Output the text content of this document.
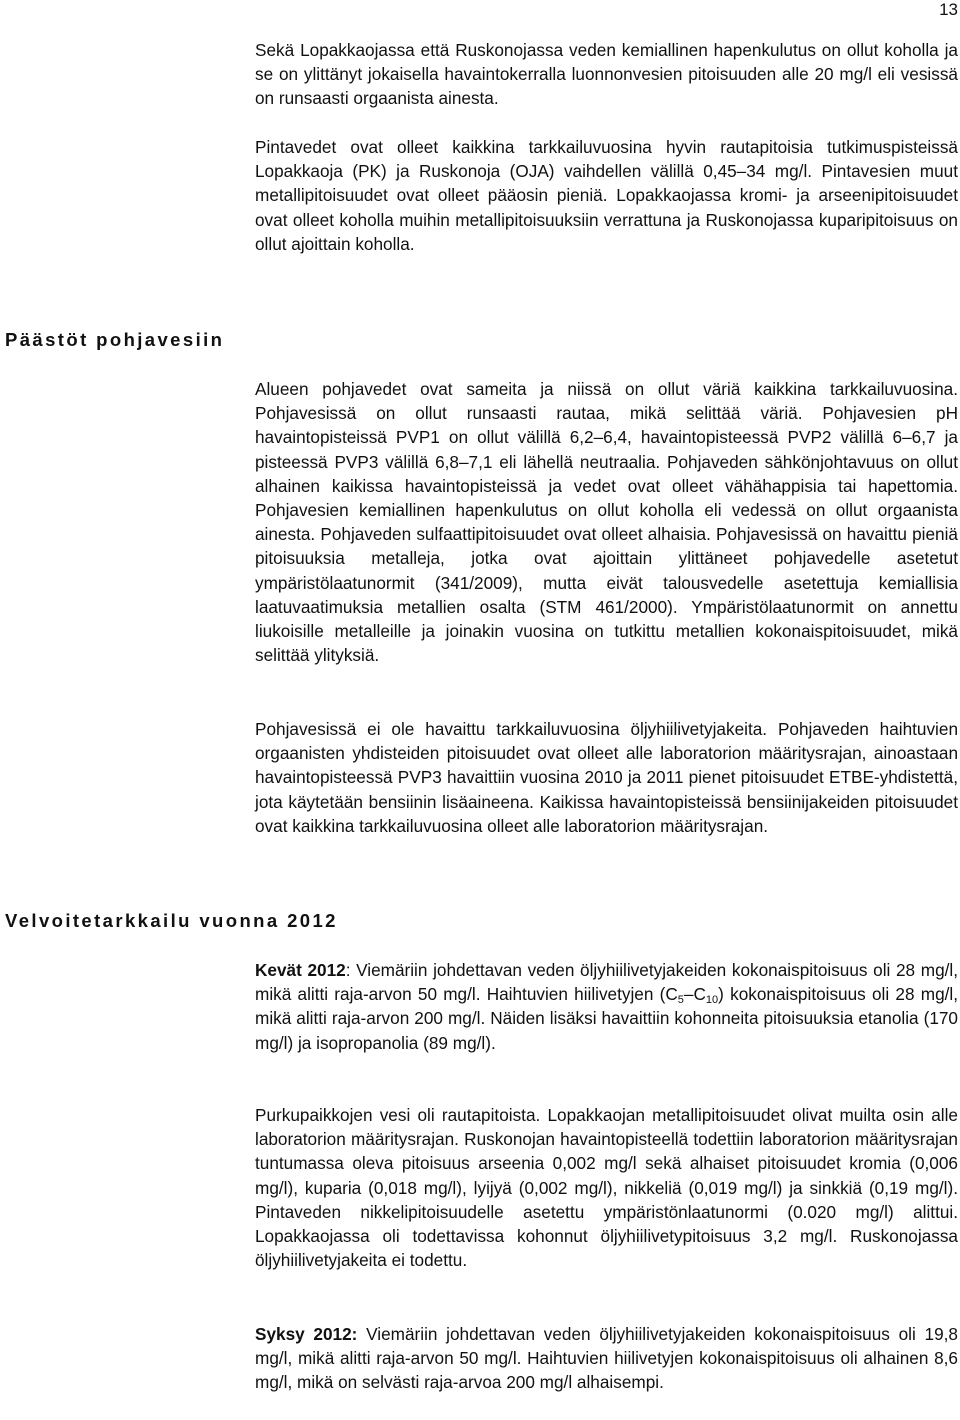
13

Sekä Lopakkaojassa että Ruskonojassa veden kemiallinen hapenkulutus on ollut koholla ja se on ylittänyt jokaisella havaintokerralla luonnonvesien pitoisuuden alle 20 mg/l eli vesissä on runsaasti orgaanista ainesta.

Pintavedet ovat olleet kaikkina tarkkailuvuosina hyvin rautapitoisia tutkimuspisteissä Lopakkaoja (PK) ja Ruskonoja (OJA) vaihdellen välillä 0,45–34 mg/l. Pintavesien muut metallipitoisuudet ovat olleet pääosin pieniä. Lopakkaojassa kromi- ja arseenipitoisuudet ovat olleet koholla muihin metallipitoisuuksiin verrattuna ja Ruskonojassa kuparipitoisuus on ollut ajoittain koholla.

Päästöt pohjavesiin

Alueen pohjavedet ovat sameita ja niissä on ollut väriä kaikkina tarkkailuvuosina. Pohjavesissä on ollut runsaasti rautaa, mikä selittää väriä. Pohjavesien pH havaintopisteissä PVP1 on ollut välillä 6,2–6,4, havaintopisteessä PVP2 välillä 6–6,7 ja pisteessä PVP3 välillä 6,8–7,1 eli lähellä neutraalia. Pohjaveden sähkönjohtavuus on ollut alhainen kaikissa havaintopisteissä ja vedet ovat olleet vähähappisia tai hapettomia. Pohjavesien kemiallinen hapenkulutus on ollut koholla eli vedessä on ollut orgaanista ainesta. Pohjaveden sulfaattipitoisuudet ovat olleet alhaisia. Pohjavesissä on havaittu pieniä pitoisuuksia metalleja, jotka ovat ajoittain ylittäneet pohjavedelle asetetut ympäristölaatunormit (341/2009), mutta eivät talousvedelle asetettuja kemiallisia laatuvaatimuksia metallien osalta (STM 461/2000). Ympäristölaatunormit on annettu liukoisille metalleille ja joinakin vuosina on tutkittu metallien kokonaispitoisuudet, mikä selittää ylityksiä.

Pohjavesissä ei ole havaittu tarkkailuvuosina öljyhiilivetyjakeita. Pohjaveden haihtuvien orgaanisten yhdisteiden pitoisuudet ovat olleet alle laboratorion määritysrajan, ainoastaan havaintopisteessä PVP3 havaittiin vuosina 2010 ja 2011 pienet pitoisuudet ETBE-yhdistettä, jota käytetään bensiinin lisäaineena. Kaikissa havaintopisteissä bensiinijakeiden pitoisuudet ovat kaikkina tarkkailuvuosina olleet alle laboratorion määritysrajan.

Velvoitetarkkailu vuonna 2012

Kevät 2012: Viemäriin johdettavan veden öljyhiilivetyjakeiden kokonaispitoisuus oli 28 mg/l, mikä alitti raja-arvon 50 mg/l. Haihtuvien hiilivetyjen $(C_5-C_{10})$ kokonaispitoisuus oli 28 mg/l, mikä alitti raja-arvon 200 mg/l. Näiden lisäksi havaittiin kohonneita pitoisuuksia etanolia (170 mg/l) ja isopropanolia (89 mg/l).

Purkupaikkojen vesi oli rautapitoista. Lopakkaojan metallipitoisuudet olivat muilta osin alle laboratorion määritysrajan. Ruskonojan havaintopisteellä todettiin laboratorion määritysrajan tuntumassa oleva pitoisuus arseenia 0,002 mg/l sekä alhaiset pitoisuudet kromia (0,006 mg/l), kuparia (0,018 mg/l), lyijyä (0,002 mg/l), nikkeliä (0,019 mg/l) ja sinkkiä (0,19 mg/l). Pintaveden nikkelipitoisuudelle asetettu ympäristönlaatunormi (0.020 mg/l) alittui. Lopakkaojassa oli todettavissa kohonnut öljyhiilivetypitoisuus 3,2 mg/l. Ruskonojassa öljyhiilivetyjakeita ei todettu.

Syksy 2012: Viemäriin johdettavan veden öljyhiilivetyjakeiden kokonaispitoisuus oli 19,8 mg/l, mikä alitti raja-arvon 50 mg/l. Haihtuvien hiilivetyjen kokonaispitoisuus oli alhainen 8,6 mg/l, mikä on selvästi raja-arvoa 200 mg/l alhaisempi.
